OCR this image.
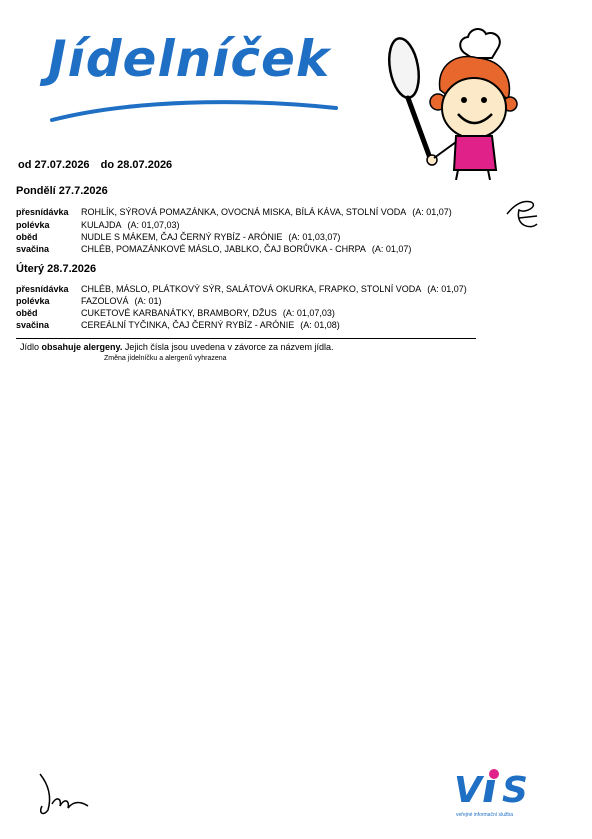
Jídelníček
od 27.07.2026 do 28.07.2026
Pondělí 27.7.2026
přesnídávka ROHLÍK, SÝROVÁ POMAZÁNKA, OVOCNÁ MISKA, BÍLÁ KÁVA, STOLNÍ VODA (A: 01,07)
polévka	KULAJDA (A: 01,07,03)
oběd	NUDLE S MÁKEM, ČAJ ČERNÝ RYBÍZ - ARÓNIE (A: 01,03,07)
svačina	CHLÉB, POMAZÁNKOVÉ MÁSLO, JABLKO, ČAJ BORŮVKA - CHRPA (A: 01,07)
Úterý 28.7.2026
přesnídávka CHLÉB, MÁSLO, PLÁTKOVÝ SÝR, SALÁTOVÁ OKURKA, FRAPKO, STOLNÍ VODA (A: 01,07)
polévka	FAZOLOVÁ (A: 01)
oběd	CUKETOVÉ KARBANÁTKY, BRAMBORY, DŽUS (A: 01,07,03)
svačina	CEREÁLNÍ TYČINKA, ČAJ ČERNÝ RYBÍZ - ARÓNIE (A: 01,08)
Jídlo obsahuje alergeny. Jejich čísla jsou uvedena v závorce za názvem jídla.
Změna jídelníčku a alergenů vyhrazena
V S
veřejné informační služba
